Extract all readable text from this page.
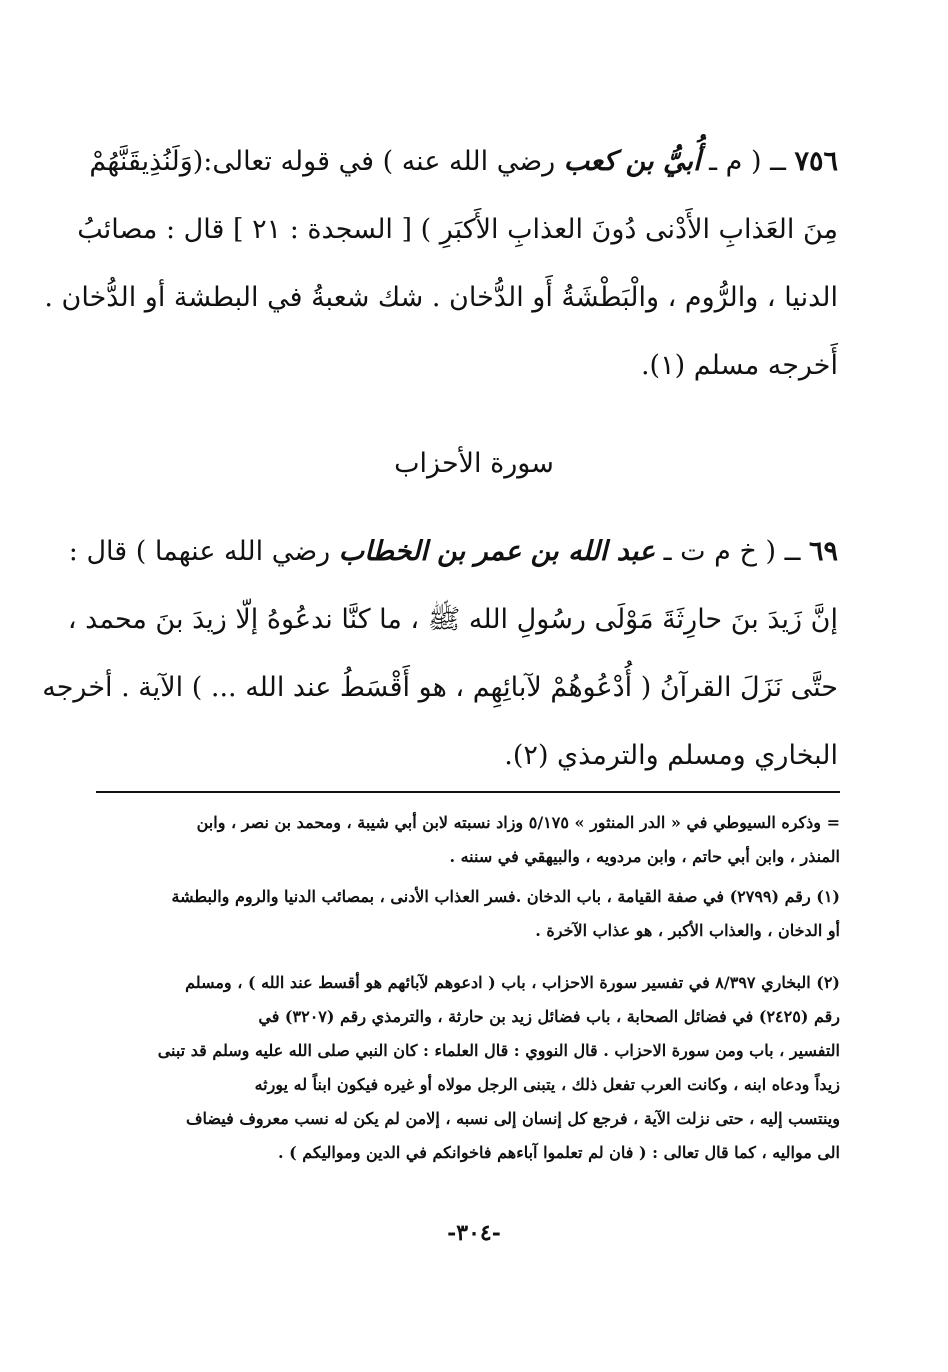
٧٥٦ ــ ( م ـ أُبيُّ بن كعب رضي الله عنه ) في قوله تعالى:(وَلَنُذِيقَنَّهُمْ
مِنَ العَذابِ الأَدْنى دُونَ العذابِ الأَكبَرِ ) [ السجدة : ٢١ ] قال : مصائبُ
الدنيا ، والرُّوم ، والْبَطْشَةُ أَو الدُّخان . شك شعبةُ في البطشة أو الدُّخان .
أَخرجه مسلم (١).
سورة الأحزاب
٦٩ ــ ( خ م ت ـ عبد الله بن عمر بن الخطاب رضي الله عنهما ) قال :
إنَّ زَيدَ بنَ حارِثَةَ مَوْلَى رسُولِ الله ﷺ ، ما كنَّا ندعُوهُ إلّا زيدَ بنَ محمد ،
حتَّى نَزَلَ القرآنُ ( أُدْعُوهُمْ لآبائِهِم ، هو أَقْسَطُ عند الله ... ) الآية . أخرجه
البخاري ومسلم والترمذي (٢).
= وذكره السيوطي في « الدر المنثور » ٥/١٧٥ وزاد نسبته لابن أبي شيبة ، ومحمد بن نصر ، وابن
المنذر ، وابن أبي حاتم ، وابن مردويه ، والبيهقي في سننه .
(١) رقم (٢٧٩٩) في صفة القيامة ، باب الدخان .فسر العذاب الأدنى ، بمصائب الدنيا والروم والبطشة
أو الدخان ، والعذاب الأكبر ، هو عذاب الآخرة .
(٢) البخاري ٨/٣٩٧ في تفسير سورة الاحزاب ، باب ( ادعوهم لآبائهم هو أقسط عند الله ) ، ومسلم
رقم (٢٤٢٥) في فضائل الصحابة ، باب فضائل زيد بن حارثة ، والترمذي رقم (٣٢٠٧) في
التفسير ، باب ومن سورة الاحزاب . قال النووي : قال العلماء : كان النبي صلى الله عليه وسلم قد تبنى
زيداً ودعاه ابنه ، وكانت العرب تفعل ذلك ، يتبنى الرجل مولاه أو غيره فيكون ابناً له يورثه
وينتسب إليه ، حتى نزلت الآية ، فرجع كل إنسان إلى نسبه ، إلامن لم يكن له نسب معروف فيضاف
الى مواليه ، كما قال تعالى : ( فان لم تعلموا آباءهم فاخوانكم في الدين ومواليكم ) .
-٣٠٤-
